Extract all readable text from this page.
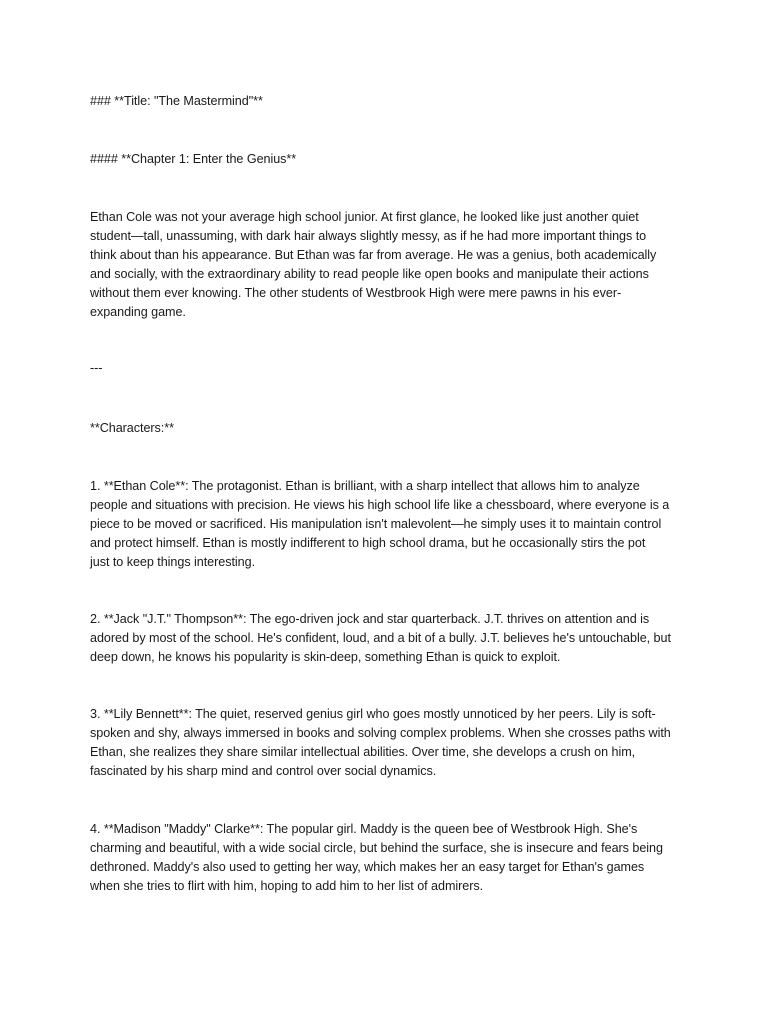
### **Title: "The Mastermind"**

#### **Chapter 1: Enter the Genius**

Ethan Cole was not your average high school junior. At first glance, he looked like just another quiet
student—tall, unassuming, with dark hair always slightly messy, as if he had more important things to
think about than his appearance. But Ethan was far from average. He was a genius, both academically
and socially, with the extraordinary ability to read people like open books and manipulate their actions
without them ever knowing. The other students of Westbrook High were mere pawns in his ever-
expanding game.

---

**Characters:**

1. **Ethan Cole**: The protagonist. Ethan is brilliant, with a sharp intellect that allows him to analyze
people and situations with precision. He views his high school life like a chessboard, where everyone is a
piece to be moved or sacrificed. His manipulation isn't malevolent—he simply uses it to maintain control
and protect himself. Ethan is mostly indifferent to high school drama, but he occasionally stirs the pot
just to keep things interesting.

2. **Jack "J.T." Thompson**: The ego-driven jock and star quarterback. J.T. thrives on attention and is
adored by most of the school. He's confident, loud, and a bit of a bully. J.T. believes he's untouchable, but
deep down, he knows his popularity is skin-deep, something Ethan is quick to exploit.

3. **Lily Bennett**: The quiet, reserved genius girl who goes mostly unnoticed by her peers. Lily is soft-
spoken and shy, always immersed in books and solving complex problems. When she crosses paths with
Ethan, she realizes they share similar intellectual abilities. Over time, she develops a crush on him,
fascinated by his sharp mind and control over social dynamics.

4. **Madison "Maddy" Clarke**: The popular girl. Maddy is the queen bee of Westbrook High. She's
charming and beautiful, with a wide social circle, but behind the surface, she is insecure and fears being
dethroned. Maddy's also used to getting her way, which makes her an easy target for Ethan's games
when she tries to flirt with him, hoping to add him to her list of admirers.
